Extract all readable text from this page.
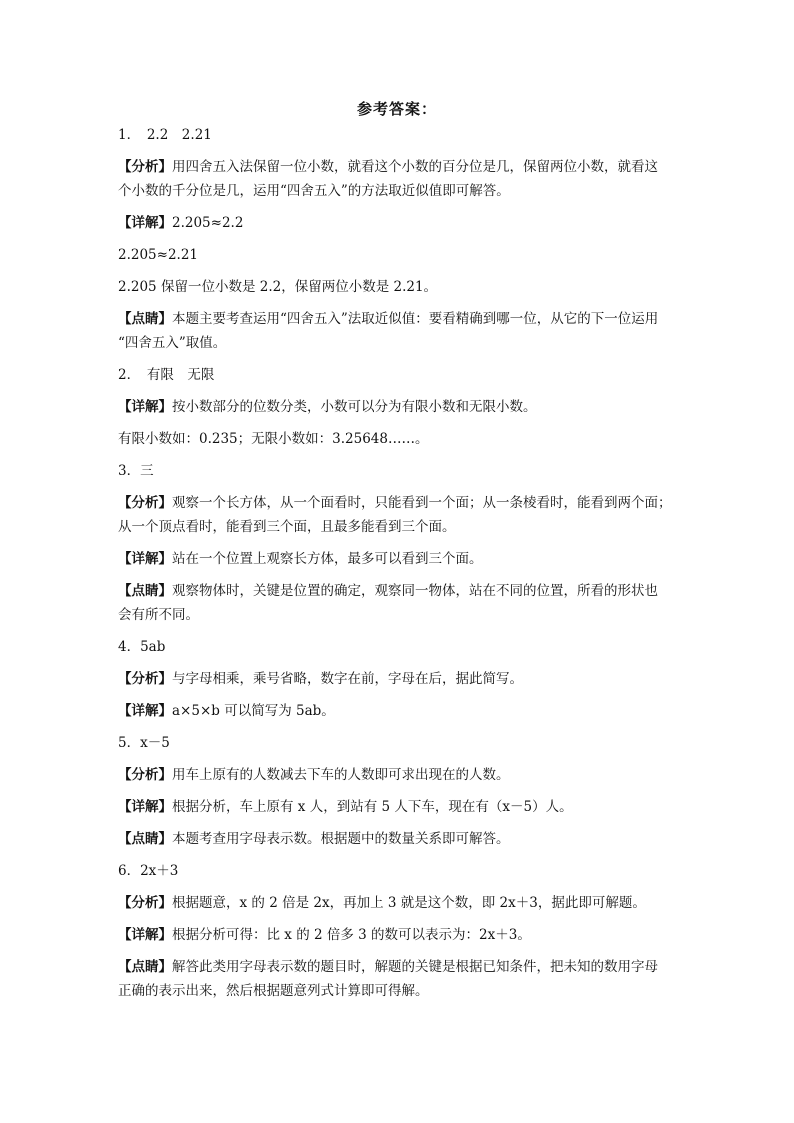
参考答案：
1．　2.2　2.21
【分析】用四舍五入法保留一位小数，就看这个小数的百分位是几，保留两位小数，就看这
个小数的千分位是几，运用“四舍五入”的方法取近似值即可解答。
【详解】2.205≈2.2
2.205≈2.21
2.205 保留一位小数是 2.2，保留两位小数是 2.21。
【点睛】本题主要考查运用“四舍五入”法取近似值：要看精确到哪一位，从它的下一位运用
“四舍五入”取值。
2．　有限　无限
【详解】按小数部分的位数分类，小数可以分为有限小数和无限小数。
有限小数如：0.235；无限小数如：3.25648……。
3．三
【分析】观察一个长方体，从一个面看时，只能看到一个面；从一条棱看时，能看到两个面；
从一个顶点看时，能看到三个面，且最多能看到三个面。
【详解】站在一个位置上观察长方体，最多可以看到三个面。
【点睛】观察物体时，关键是位置的确定，观察同一物体，站在不同的位置，所看的形状也
会有所不同。
4．5ab
【分析】与字母相乘，乘号省略，数字在前，字母在后，据此简写。
【详解】a×5×b 可以简写为 5ab。
5．x－5
【分析】用车上原有的人数减去下车的人数即可求出现在的人数。
【详解】根据分析，车上原有 x 人，到站有 5 人下车，现在有（x－5）人。
【点睛】本题考查用字母表示数。根据题中的数量关系即可解答。
6．2x＋3
【分析】根据题意，x 的 2 倍是 2x，再加上 3 就是这个数，即 2x＋3，据此即可解题。
【详解】根据分析可得：比 x 的 2 倍多 3 的数可以表示为：2x＋3。
【点睛】解答此类用字母表示数的题目时，解题的关键是根据已知条件，把未知的数用字母
正确的表示出来，然后根据题意列式计算即可得解。
